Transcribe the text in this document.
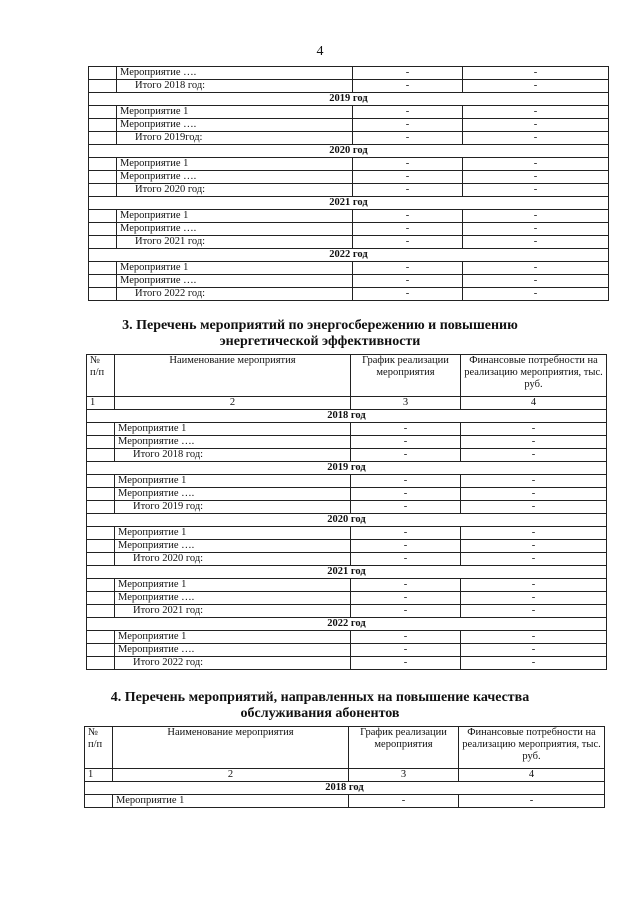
4
	Мероприятие ….	-	-
	Итого 2018 год:	-	-
2019 год			
	Мероприятие 1	-	-
	Мероприятие ….	-	-
	Итого 2019год:	-	-
2020 год			
	Мероприятие 1	-	-
	Мероприятие ….	-	-
	Итого 2020 год:	-	-
2021 год			
	Мероприятие 1	-	-
	Мероприятие ….	-	-
	Итого 2021 год:	-	-
2022 год			
	Мероприятие 1	-	-
	Мероприятие ….	-	-
	Итого 2022 год:	-	-
3. Перечень мероприятий по энергосбережению и повышению
энергетической эффективности
№ п/п	Наименование мероприятия	График реализации мероприятия	Финансовые потребности на реализацию мероприятия, тыс. руб.
1	2	3	4
2018 год			
	Мероприятие 1	-	-
	Мероприятие ….	-	-
	Итого 2018 год:	-	-
2019 год			
	Мероприятие 1	-	-
	Мероприятие ….	-	-
	Итого 2019 год:	-	-
2020 год			
	Мероприятие 1	-	-
	Мероприятие ….	-	-
	Итого 2020 год:	-	-
2021 год			
	Мероприятие 1	-	-
	Мероприятие ….	-	-
	Итого 2021 год:	-	-
2022 год			
	Мероприятие 1	-	-
	Мероприятие ….	-	-
	Итого 2022 год:	-	-
4. Перечень мероприятий, направленных на повышение качества
обслуживания абонентов
№ п/п	Наименование мероприятия	График реализации мероприятия	Финансовые потребности на реализацию мероприятия, тыс. руб.
1	2	3	4
2018 год			
	Мероприятие 1	-	-
